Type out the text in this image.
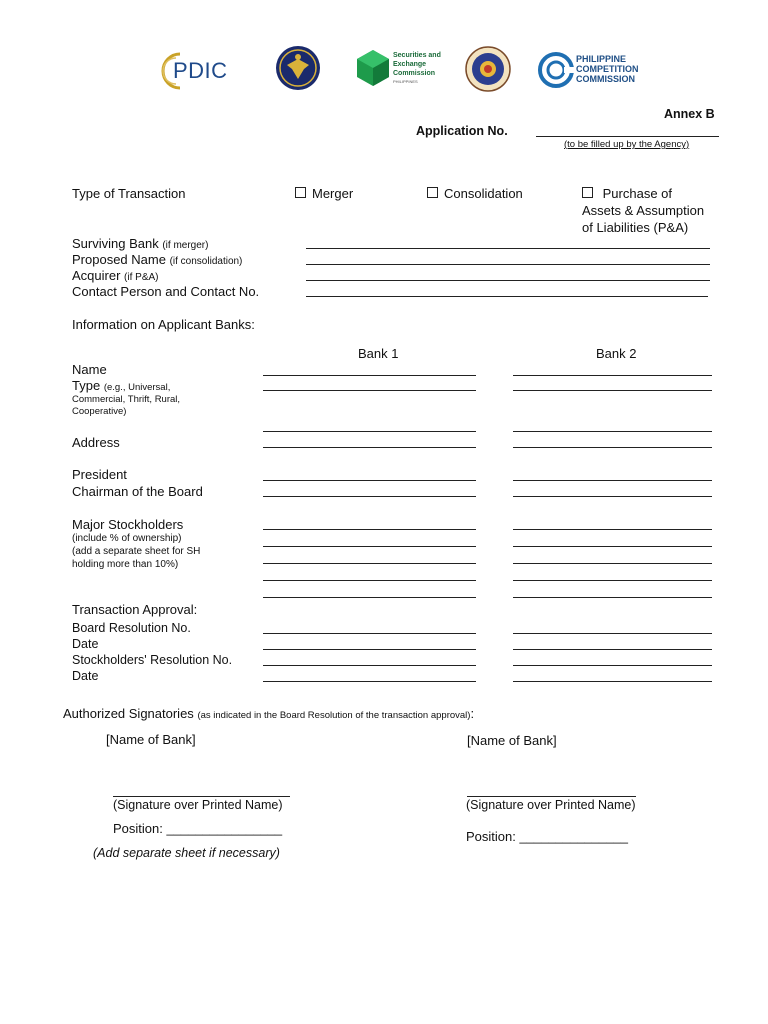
PDIC
Securities and
Exchange
Commission
PHILIPPINES
PHILIPPINE
COMPETITION
COMMISSION
Annex B
Application No.
(to be filled up by the Agency)
Type of Transaction	Merger	Consolidation	Purchase of
Assets & Assumption
of Liabilities (P&A)
Surviving Bank (if merger)
Proposed Name (if consolidation)
Acquirer (if P&A)
Contact Person and Contact No.
Information on Applicant Banks:
Bank 1	Bank 2
Name
Type (e.g., Universal,
Commercial, Thrift, Rural,
Cooperative)
Address
President
Chairman of the Board
Major Stockholders
(include % of ownership)
(add a separate sheet for SH
holding more than 10%)
Transaction Approval:
Board Resolution No.
Date
Stockholders' Resolution No.
Date
Authorized Signatories (as indicated in the Board Resolution of the transaction approval):
[Name of Bank]	[Name of Bank]
(Signature over Printed Name)	(Signature over Printed Name)
Position: ________________
Position: _______________
(Add separate sheet if necessary)
